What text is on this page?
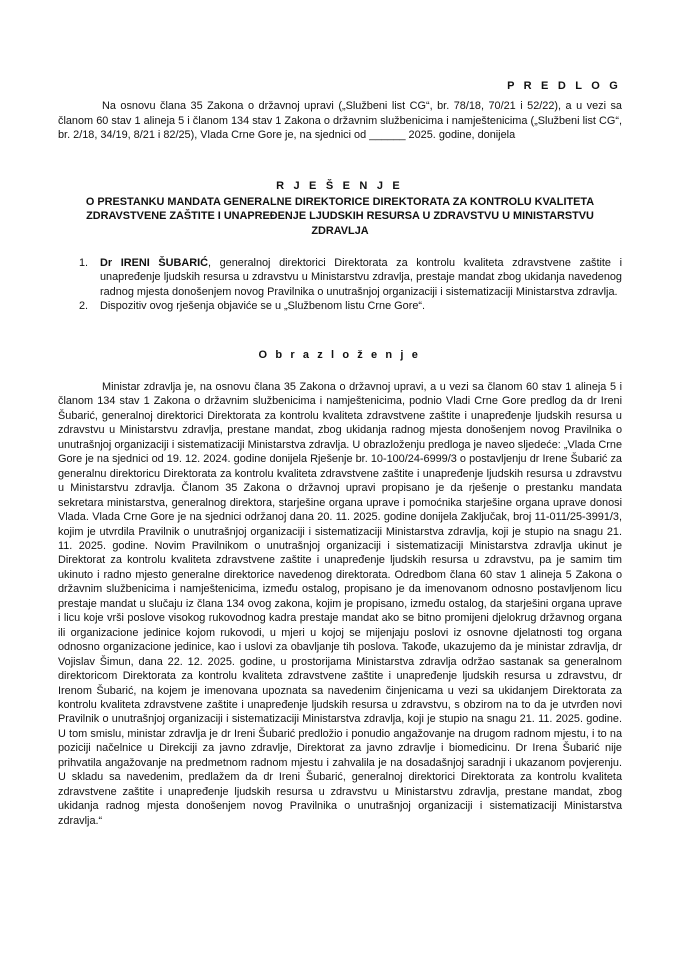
P R E D L O G

Na osnovu člana 35 Zakona o državnoj upravi („Službeni list CG“, br. 78/18, 70/21 i 52/22), a u vezi sa članom 60 stav 1 alineja 5 i članom 134 stav 1 Zakona o državnim službenicima i namještenicima („Službeni list CG“, br. 2/18, 34/19, 8/21 i 82/25), Vlada Crne Gore je, na sjednici od ______ 2025. godine, donijela

R J E Š E N J E

O PRESTANKU MANDATA GENERALNE DIREKTORICE DIREKTORATA ZA KONTROLU KVALITETA ZDRAVSTVENE ZAŠTITE I UNAPREĐENJE LJUDSKIH RESURSA U ZDRAVSTVU U MINISTARSTVU ZDRAVLJA

1. Dr IRENI ŠUBARIĆ, generalnoj direktorici Direktorata za kontrolu kvaliteta zdravstvene zaštite i unapređenje ljudskih resursa u zdravstvu u Ministarstvu zdravlja, prestaje mandat zbog ukidanja navedenog radnog mjesta donošenjem novog Pravilnika o unutrašnjoj organizaciji i sistematizaciji Ministarstva zdravlja.
2. Dispozitiv ovog rješenja objaviće se u „Službenom listu Crne Gore“.
O b r a z l o ž e n j e

Ministar zdravlja je, na osnovu člana 35 Zakona o državnoj upravi, a u vezi sa članom 60 stav 1 alineja 5 i članom 134 stav 1 Zakona o državnim službenicima i namještenicima, podnio Vladi Crne Gore predlog da dr Ireni Šubarić, generalnoj direktorici Direktorata za kontrolu kvaliteta zdravstvene zaštite i unapređenje ljudskih resursa u zdravstvu u Ministarstvu zdravlja, prestane mandat, zbog ukidanja radnog mjesta donošenjem novog Pravilnika o unutrašnjoj organizaciji i sistematizaciji Ministarstva zdravlja. U obrazloženju predloga je naveo sljedeće: „Vlada Crne Gore je na sjednici od 19. 12. 2024. godine donijela Rješenje br. 10-100/24-6999/3 o postavljenju dr Irene Šubarić za generalnu direktoricu Direktorata za kontrolu kvaliteta zdravstvene zaštite i unapređenje ljudskih resursa u zdravstvu u Ministarstvu zdravlja. Članom 35 Zakona o državnoj upravi propisano je da rješenje o prestanku mandata sekretara ministarstva, generalnog direktora, starješine organa uprave i pomoćnika starješine organa uprave donosi Vlada. Vlada Crne Gore je na sjednici održanoj dana 20. 11. 2025. godine donijela Zaključak, broj 11-011/25-3991/3, kojim je utvrdila Pravilnik o unutrašnjoj organizaciji i sistematizaciji Ministarstva zdravlja, koji je stupio na snagu 21. 11. 2025. godine. Novim Pravilnikom o unutrašnjoj organizaciji i sistematizaciji Ministarstva zdravlja ukinut je Direktorat za kontrolu kvaliteta zdravstvene zaštite i unapređenje ljudskih resursa u zdravstvu, pa je samim tim ukinuto i radno mjesto generalne direktorice navedenog direktorata. Odredbom člana 60 stav 1 alineja 5 Zakona o državnim službenicima i namještenicima, između ostalog, propisano je da imenovanom odnosno postavljenom licu prestaje mandat u slučaju iz člana 134 ovog zakona, kojim je propisano, između ostalog, da starješini organa uprave i licu koje vrši poslove visokog rukovodnog kadra prestaje mandat ako se bitno promijeni djelokrug državnog organa ili organizacione jedinice kojom rukovodi, u mjeri u kojoj se mijenjaju poslovi iz osnovne djelatnosti tog organa odnosno organizacione jedinice, kao i uslovi za obavljanje tih poslova. Takođe, ukazujemo da je ministar zdravlja, dr Vojislav Šimun, dana 22. 12. 2025. godine, u prostorijama Ministarstva zdravlja održao sastanak sa generalnom direktoricom Direktorata za kontrolu kvaliteta zdravstvene zaštite i unapređenje ljudskih resursa u zdravstvu, dr Irenom Šubarić, na kojem je imenovana upoznata sa navedenim činjenicama u vezi sa ukidanjem Direktorata za kontrolu kvaliteta zdravstvene zaštite i unapređenje ljudskih resursa u zdravstvu, s obzirom na to da je utvrđen novi Pravilnik o unutrašnjoj organizaciji i sistematizaciji Ministarstva zdravlja, koji je stupio na snagu 21. 11. 2025. godine. U tom smislu, ministar zdravlja je dr Ireni Šubarić predložio i ponudio angažovanje na drugom radnom mjestu, i to na poziciji načelnice u Direkciji za javno zdravlje, Direktorat za javno zdravlje i biomedicinu. Dr Irena Šubarić nije prihvatila angažovanje na predmetnom radnom mjestu i zahvalila je na dosadašnjoj saradnji i ukazanom povjerenju. U skladu sa navedenim, predlažem da dr Ireni Šubarić, generalnoj direktorici Direktorata za kontrolu kvaliteta zdravstvene zaštite i unapređenje ljudskih resursa u zdravstvu u Ministarstvu zdravlja, prestane mandat, zbog ukidanja radnog mjesta donošenjem novog Pravilnika o unutrašnjoj organizaciji i sistematizaciji Ministarstva zdravlja.“
